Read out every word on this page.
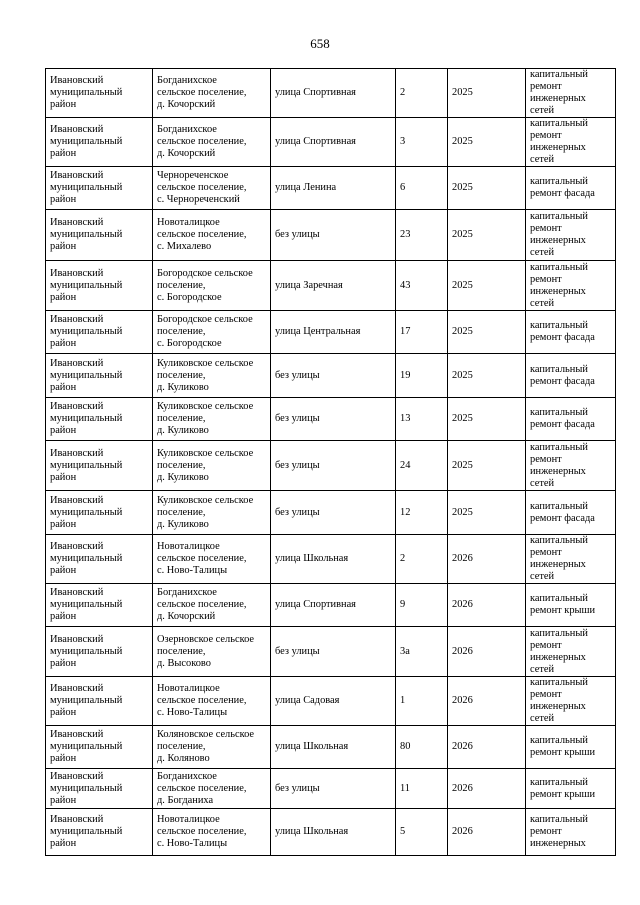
658
Ивановский
муниципальный
район	Богданихское
сельское поселение,
д. Кочорский	улица Спортивная	2	2025	капитальный
ремонт
инженерных
сетей
Ивановский
муниципальный
район	Богданихское
сельское поселение,
д. Кочорский	улица Спортивная	3	2025	капитальный
ремонт
инженерных
сетей
Ивановский
муниципальный
район	Чернореченское
сельское поселение,
с. Чернореченский	улица Ленина	6	2025	капитальный
ремонт фасада
Ивановский
муниципальный
район	Новоталицкое
сельское поселение,
с. Михалево	без улицы	23	2025	капитальный
ремонт
инженерных
сетей
Ивановский
муниципальный
район	Богородское сельское
поселение,
с. Богородское	улица Заречная	43	2025	капитальный
ремонт
инженерных
сетей
Ивановский
муниципальный
район	Богородское сельское
поселение,
с. Богородское	улица Центральная	17	2025	капитальный
ремонт фасада
Ивановский
муниципальный
район	Куликовское сельское
поселение,
д. Куликово	без улицы	19	2025	капитальный
ремонт фасада
Ивановский
муниципальный
район	Куликовское сельское
поселение,
д. Куликово	без улицы	13	2025	капитальный
ремонт фасада
Ивановский
муниципальный
район	Куликовское сельское
поселение,
д. Куликово	без улицы	24	2025	капитальный
ремонт
инженерных
сетей
Ивановский
муниципальный
район	Куликовское сельское
поселение,
д. Куликово	без улицы	12	2025	капитальный
ремонт фасада
Ивановский
муниципальный
район	Новоталицкое
сельское поселение,
с. Ново-Талицы	улица Школьная	2	2026	капитальный
ремонт
инженерных
сетей
Ивановский
муниципальный
район	Богданихское
сельское поселение,
д. Кочорский	улица Спортивная	9	2026	капитальный
ремонт крыши
Ивановский
муниципальный
район	Озерновское сельское
поселение,
д. Высоково	без улицы	3а	2026	капитальный
ремонт
инженерных
сетей
Ивановский
муниципальный
район	Новоталицкое
сельское поселение,
с. Ново-Талицы	улица Садовая	1	2026	капитальный
ремонт
инженерных
сетей
Ивановский
муниципальный
район	Коляновское сельское
поселение,
д. Коляново	улица Школьная	80	2026	капитальный
ремонт крыши
Ивановский
муниципальный
район	Богданихское
сельское поселение,
д. Богданиха	без улицы	11	2026	капитальный
ремонт крыши
Ивановский
муниципальный
район	Новоталицкое
сельское поселение,
с. Ново-Талицы	улица Школьная	5	2026	капитальный
ремонт
инженерных
